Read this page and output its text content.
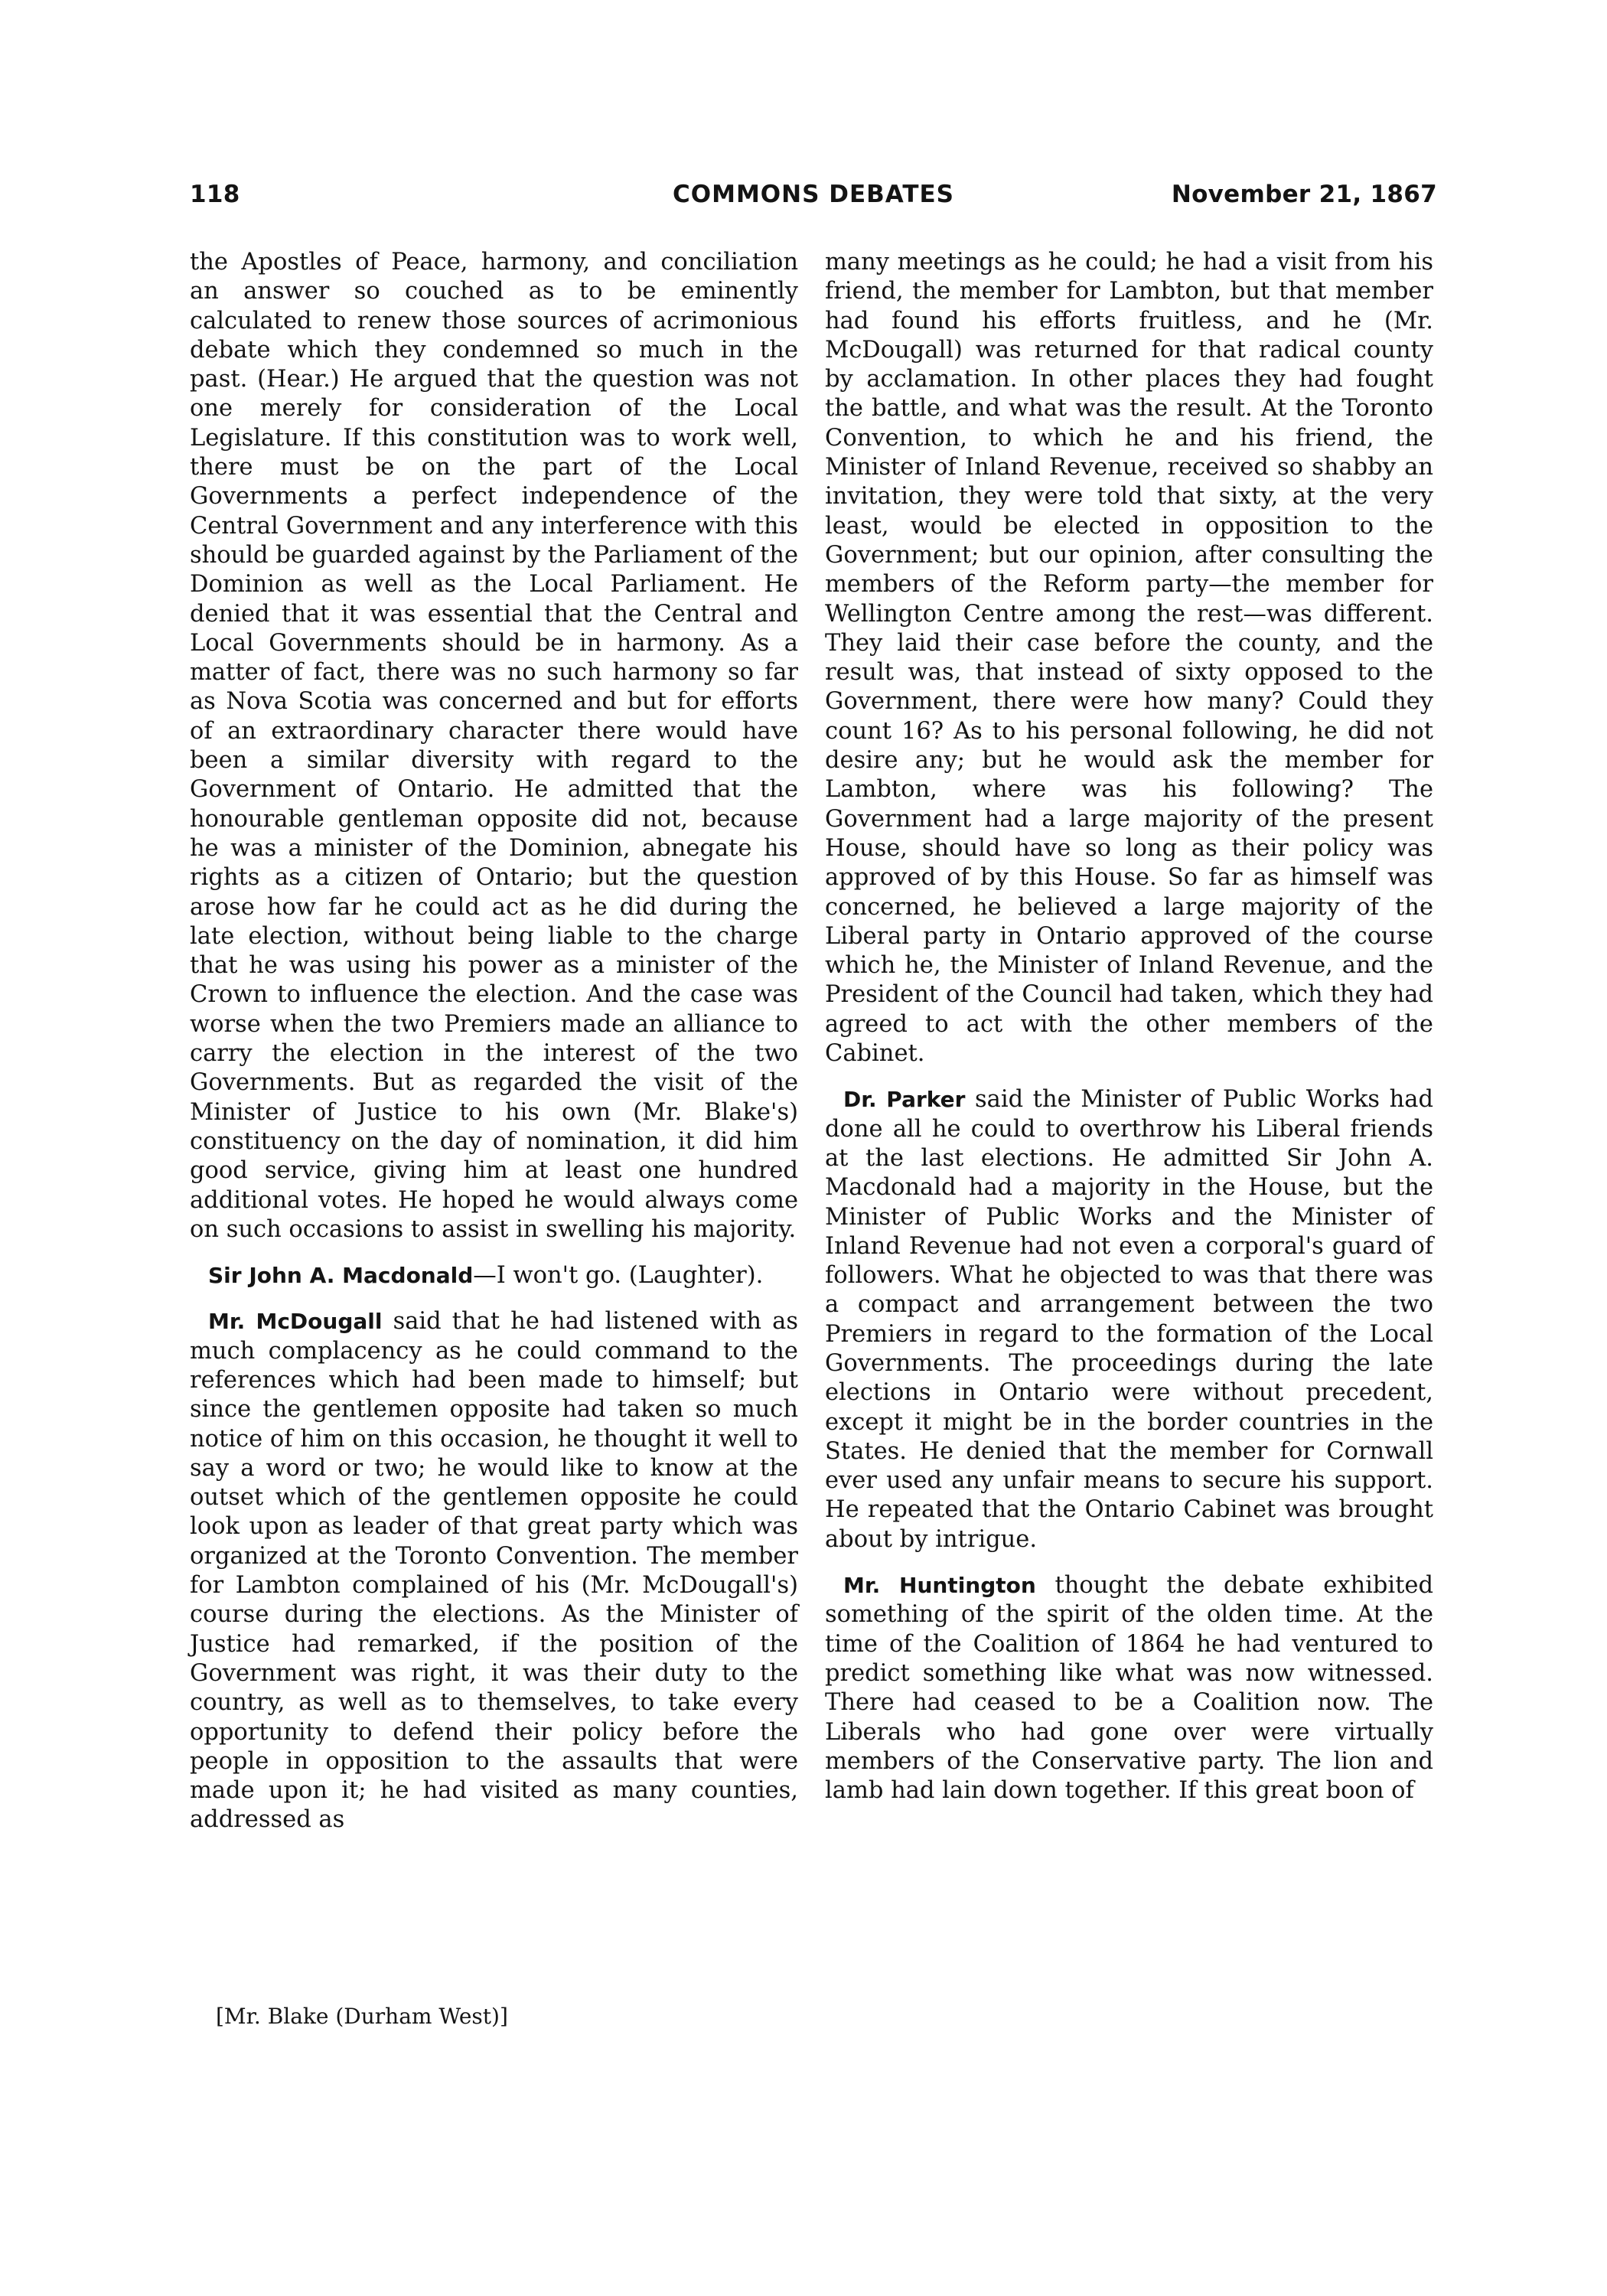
118	COMMONS DEBATES	November 21, 1867

the Apostles of Peace, harmony, and conciliation an answer so couched as to be eminently calculated to renew those sources of acrimonious debate which they condemned so much in the past. (Hear.) He argued that the question was not one merely for consideration of the Local Legislature. If this constitution was to work well, there must be on the part of the Local Governments a perfect independence of the Central Government and any interference with this should be guarded against by the Parliament of the Dominion as well as the Local Parliament. He denied that it was essential that the Central and Local Governments should be in harmony. As a matter of fact, there was no such harmony so far as Nova Scotia was concerned and but for efforts of an extraordinary character there would have been a similar diversity with regard to the Government of Ontario. He admitted that the honourable gentleman opposite did not, because he was a minister of the Dominion, abnegate his rights as a citizen of Ontario; but the question arose how far he could act as he did during the late election, without being liable to the charge that he was using his power as a minister of the Crown to influence the election. And the case was worse when the two Premiers made an alliance to carry the election in the interest of the two Governments. But as regarded the visit of the Minister of Justice to his own (Mr. Blake's) constituency on the day of nomination, it did him good service, giving him at least one hundred additional votes. He hoped he would always come on such occasions to assist in swelling his majority.

Sir John A. Macdonald—I won't go. (Laughter).

Mr. McDougall said that he had listened with as much complacency as he could command to the references which had been made to himself; but since the gentlemen opposite had taken so much notice of him on this occasion, he thought it well to say a word or two; he would like to know at the outset which of the gentlemen opposite he could look upon as leader of that great party which was organized at the Toronto Convention. The member for Lambton complained of his (Mr. McDougall's) course during the elections. As the Minister of Justice had remarked, if the position of the Government was right, it was their duty to the country, as well as to themselves, to take every opportunity to defend their policy before the people in opposition to the assaults that were made upon it; he had visited as many counties, addressed as

many meetings as he could; he had a visit from his friend, the member for Lambton, but that member had found his efforts fruitless, and he (Mr. McDougall) was returned for that radical county by acclamation. In other places they had fought the battle, and what was the result. At the Toronto Convention, to which he and his friend, the Minister of Inland Revenue, received so shabby an invitation, they were told that sixty, at the very least, would be elected in opposition to the Government; but our opinion, after consulting the members of the Reform party—the member for Wellington Centre among the rest—was different. They laid their case before the county, and the result was, that instead of sixty opposed to the Government, there were how many? Could they count 16? As to his personal following, he did not desire any; but he would ask the member for Lambton, where was his following? The Government had a large majority of the present House, should have so long as their policy was approved of by this House. So far as himself was concerned, he believed a large majority of the Liberal party in Ontario approved of the course which he, the Minister of Inland Revenue, and the President of the Council had taken, which they had agreed to act with the other members of the Cabinet.

Dr. Parker said the Minister of Public Works had done all he could to overthrow his Liberal friends at the last elections. He admitted Sir John A. Macdonald had a majority in the House, but the Minister of Public Works and the Minister of Inland Revenue had not even a corporal's guard of followers. What he objected to was that there was a compact and arrangement between the two Premiers in regard to the formation of the Local Governments. The proceedings during the late elections in Ontario were without precedent, except it might be in the border countries in the States. He denied that the member for Cornwall ever used any unfair means to secure his support. He repeated that the Ontario Cabinet was brought about by intrigue.

Mr. Huntington thought the debate exhibited something of the spirit of the olden time. At the time of the Coalition of 1864 he had ventured to predict something like what was now witnessed. There had ceased to be a Coalition now. The Liberals who had gone over were virtually members of the Conservative party. The lion and lamb had lain down together. If this great boon of

[Mr. Blake (Durham West)]
